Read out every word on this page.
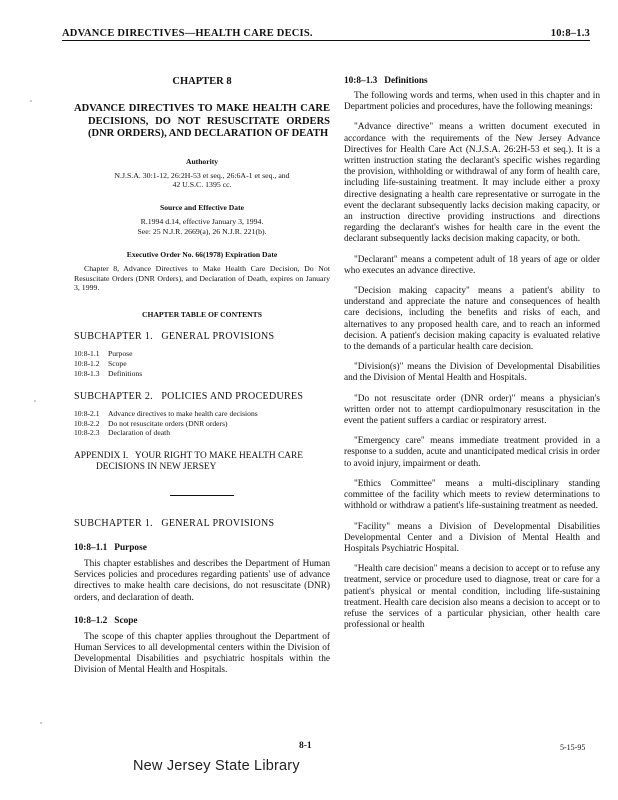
ADVANCE DIRECTIVES—HEALTH CARE DECIS.	10:8–1.3

CHAPTER 8

ADVANCE DIRECTIVES TO MAKE HEALTH CARE DECISIONS, DO NOT RESUSCITATE ORDERS (DNR ORDERS), AND DECLARATION OF DEATH

Authority

N.J.S.A. 30:1-12, 26:2H-53 et seq., 26:6A-1 et seq., and 42 U.S.C. 1395 cc.

Source and Effective Date

R.1994 d.14, effective January 3, 1994.

See: 25 N.J.R. 2669(a), 26 N.J.R. 221(b).

Executive Order No. 66(1978) Expiration Date

Chapter 8, Advance Directives to Make Health Care Decision, Do Not Resuscitate Orders (DNR Orders), and Declaration of Death, expires on January 3, 1999.

CHAPTER TABLE OF CONTENTS

SUBCHAPTER 1.   GENERAL PROVISIONS

10:8-1.1	Purpose
10:8-1.2	Scope
10:8-1.3	Definitions

SUBCHAPTER 2.   POLICIES AND PROCEDURES

10:8-2.1	Advance directives to make health care decisions
10:8-2.2	Do not resuscitate orders (DNR orders)
10:8-2.3	Declaration of death

APPENDIX I.   YOUR RIGHT TO MAKE HEALTH CARE DECISIONS IN NEW JERSEY

SUBCHAPTER 1.   GENERAL PROVISIONS

10:8–1.1   Purpose

This chapter establishes and describes the Department of Human Services policies and procedures regarding patients' use of advance directives to make health care decisions, do not resuscitate (DNR) orders, and declaration of death.

10:8–1.2   Scope

The scope of this chapter applies throughout the Department of Human Services to all developmental centers within the Division of Developmental Disabilities and psychiatric hospitals within the Division of Mental Health and Hospitals.

10:8–1.3   Definitions

The following words and terms, when used in this chapter and in Department policies and procedures, have the following meanings:

"Advance directive" means a written document executed in accordance with the requirements of the New Jersey Advance Directives for Health Care Act (N.J.S.A. 26:2H-53 et seq.). It is a written instruction stating the declarant's specific wishes regarding the provision, withholding or withdrawal of any form of health care, including life-sustaining treatment. It may include either a proxy directive designating a health care representative or surrogate in the event the declarant subsequently lacks decision making capacity, or an instruction directive providing instructions and directions regarding the declarant's wishes for health care in the event the declarant subsequently lacks decision making capacity, or both.

"Declarant" means a competent adult of 18 years of age or older who executes an advance directive.

"Decision making capacity" means a patient's ability to understand and appreciate the nature and consequences of health care decisions, including the benefits and risks of each, and alternatives to any proposed health care, and to reach an informed decision. A patient's decision making capacity is evaluated relative to the demands of a particular health care decision.

"Division(s)" means the Division of Developmental Disabilities and the Division of Mental Health and Hospitals.

"Do not resuscitate order (DNR order)" means a physician's written order not to attempt cardiopulmonary resuscitation in the event the patient suffers a cardiac or respiratory arrest.

"Emergency care" means immediate treatment provided in a response to a sudden, acute and unanticipated medical crisis in order to avoid injury, impairment or death.

"Ethics Committee" means a multi-disciplinary standing committee of the facility which meets to review determinations to withhold or withdraw a patient's life-sustaining treatment as needed.

"Facility" means a Division of Developmental Disabilities Developmental Center and a Division of Mental Health and Hospitals Psychiatric Hospital.

"Health care decision" means a decision to accept or to refuse any treatment, service or procedure used to diagnose, treat or care for a patient's physical or mental condition, including life-sustaining treatment. Health care decision also means a decision to accept or to refuse the services of a particular physician, other health care professional or health

8-1	5-15-95
New Jersey State Library
